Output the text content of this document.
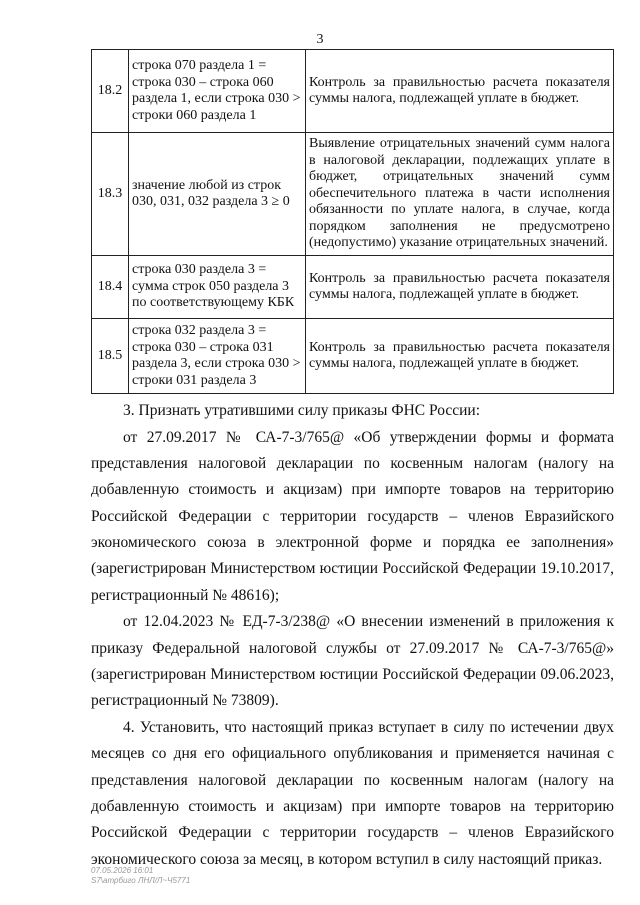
3
18.2	строка 070 раздела 1 = строка 030 – строка 060 раздела 1, если строка 030 > строки 060 раздела 1	Контроль за правильностью расчета показателя суммы налога, подлежащей уплате в бюджет.
18.3	значение любой из строк 030, 031, 032 раздела 3 ≥ 0	Выявление отрицательных значений сумм налога в налоговой декларации, подлежащих уплате в бюджет, отрицательных значений сумм обеспечительного платежа в части исполнения обязанности по уплате налога, в случае, когда порядком заполнения не предусмотрено (недопустимо) указание отрицательных значений.
18.4	строка 030 раздела 3 = сумма строк 050 раздела 3 по соответствующему КБК	Контроль за правильностью расчета показателя суммы налога, подлежащей уплате в бюджет.
18.5	строка 032 раздела 3 = строка 030 – строка 031 раздела 3, если строка 030 > строки 031 раздела 3	Контроль за правильностью расчета показателя суммы налога, подлежащей уплате в бюджет.

3. Признать утратившими силу приказы ФНС России:

от 27.09.2017 № СА-7-3/765@ «Об утверждении формы и формата представления налоговой декларации по косвенным налогам (налогу на добавленную стоимость и акцизам) при импорте товаров на территорию Российской Федерации с территории государств – членов Евразийского экономического союза в электронной форме и порядка ее заполнения» (зарегистрирован Министерством юстиции Российской Федерации 19.10.2017, регистрационный № 48616);

от 12.04.2023 № ЕД-7-3/238@ «О внесении изменений в приложения к приказу Федеральной налоговой службы от 27.09.2017 № СА-7-3/765@» (зарегистрирован Министерством юстиции Российской Федерации 09.06.2023, регистрационный № 73809).

4. Установить, что настоящий приказ вступает в силу по истечении двух месяцев со дня его официального опубликования и применяется начиная с представления налоговой декларации по косвенным налогам (налогу на добавленную стоимость и акцизам) при импорте товаров на территорию Российской Федерации с территории государств – членов Евразийского экономического союза за месяц, в котором вступил в силу настоящий приказ.

07.05.2026 16:01
Ѕ7\атрбиго ЛНЛ/Л~Ч5771
